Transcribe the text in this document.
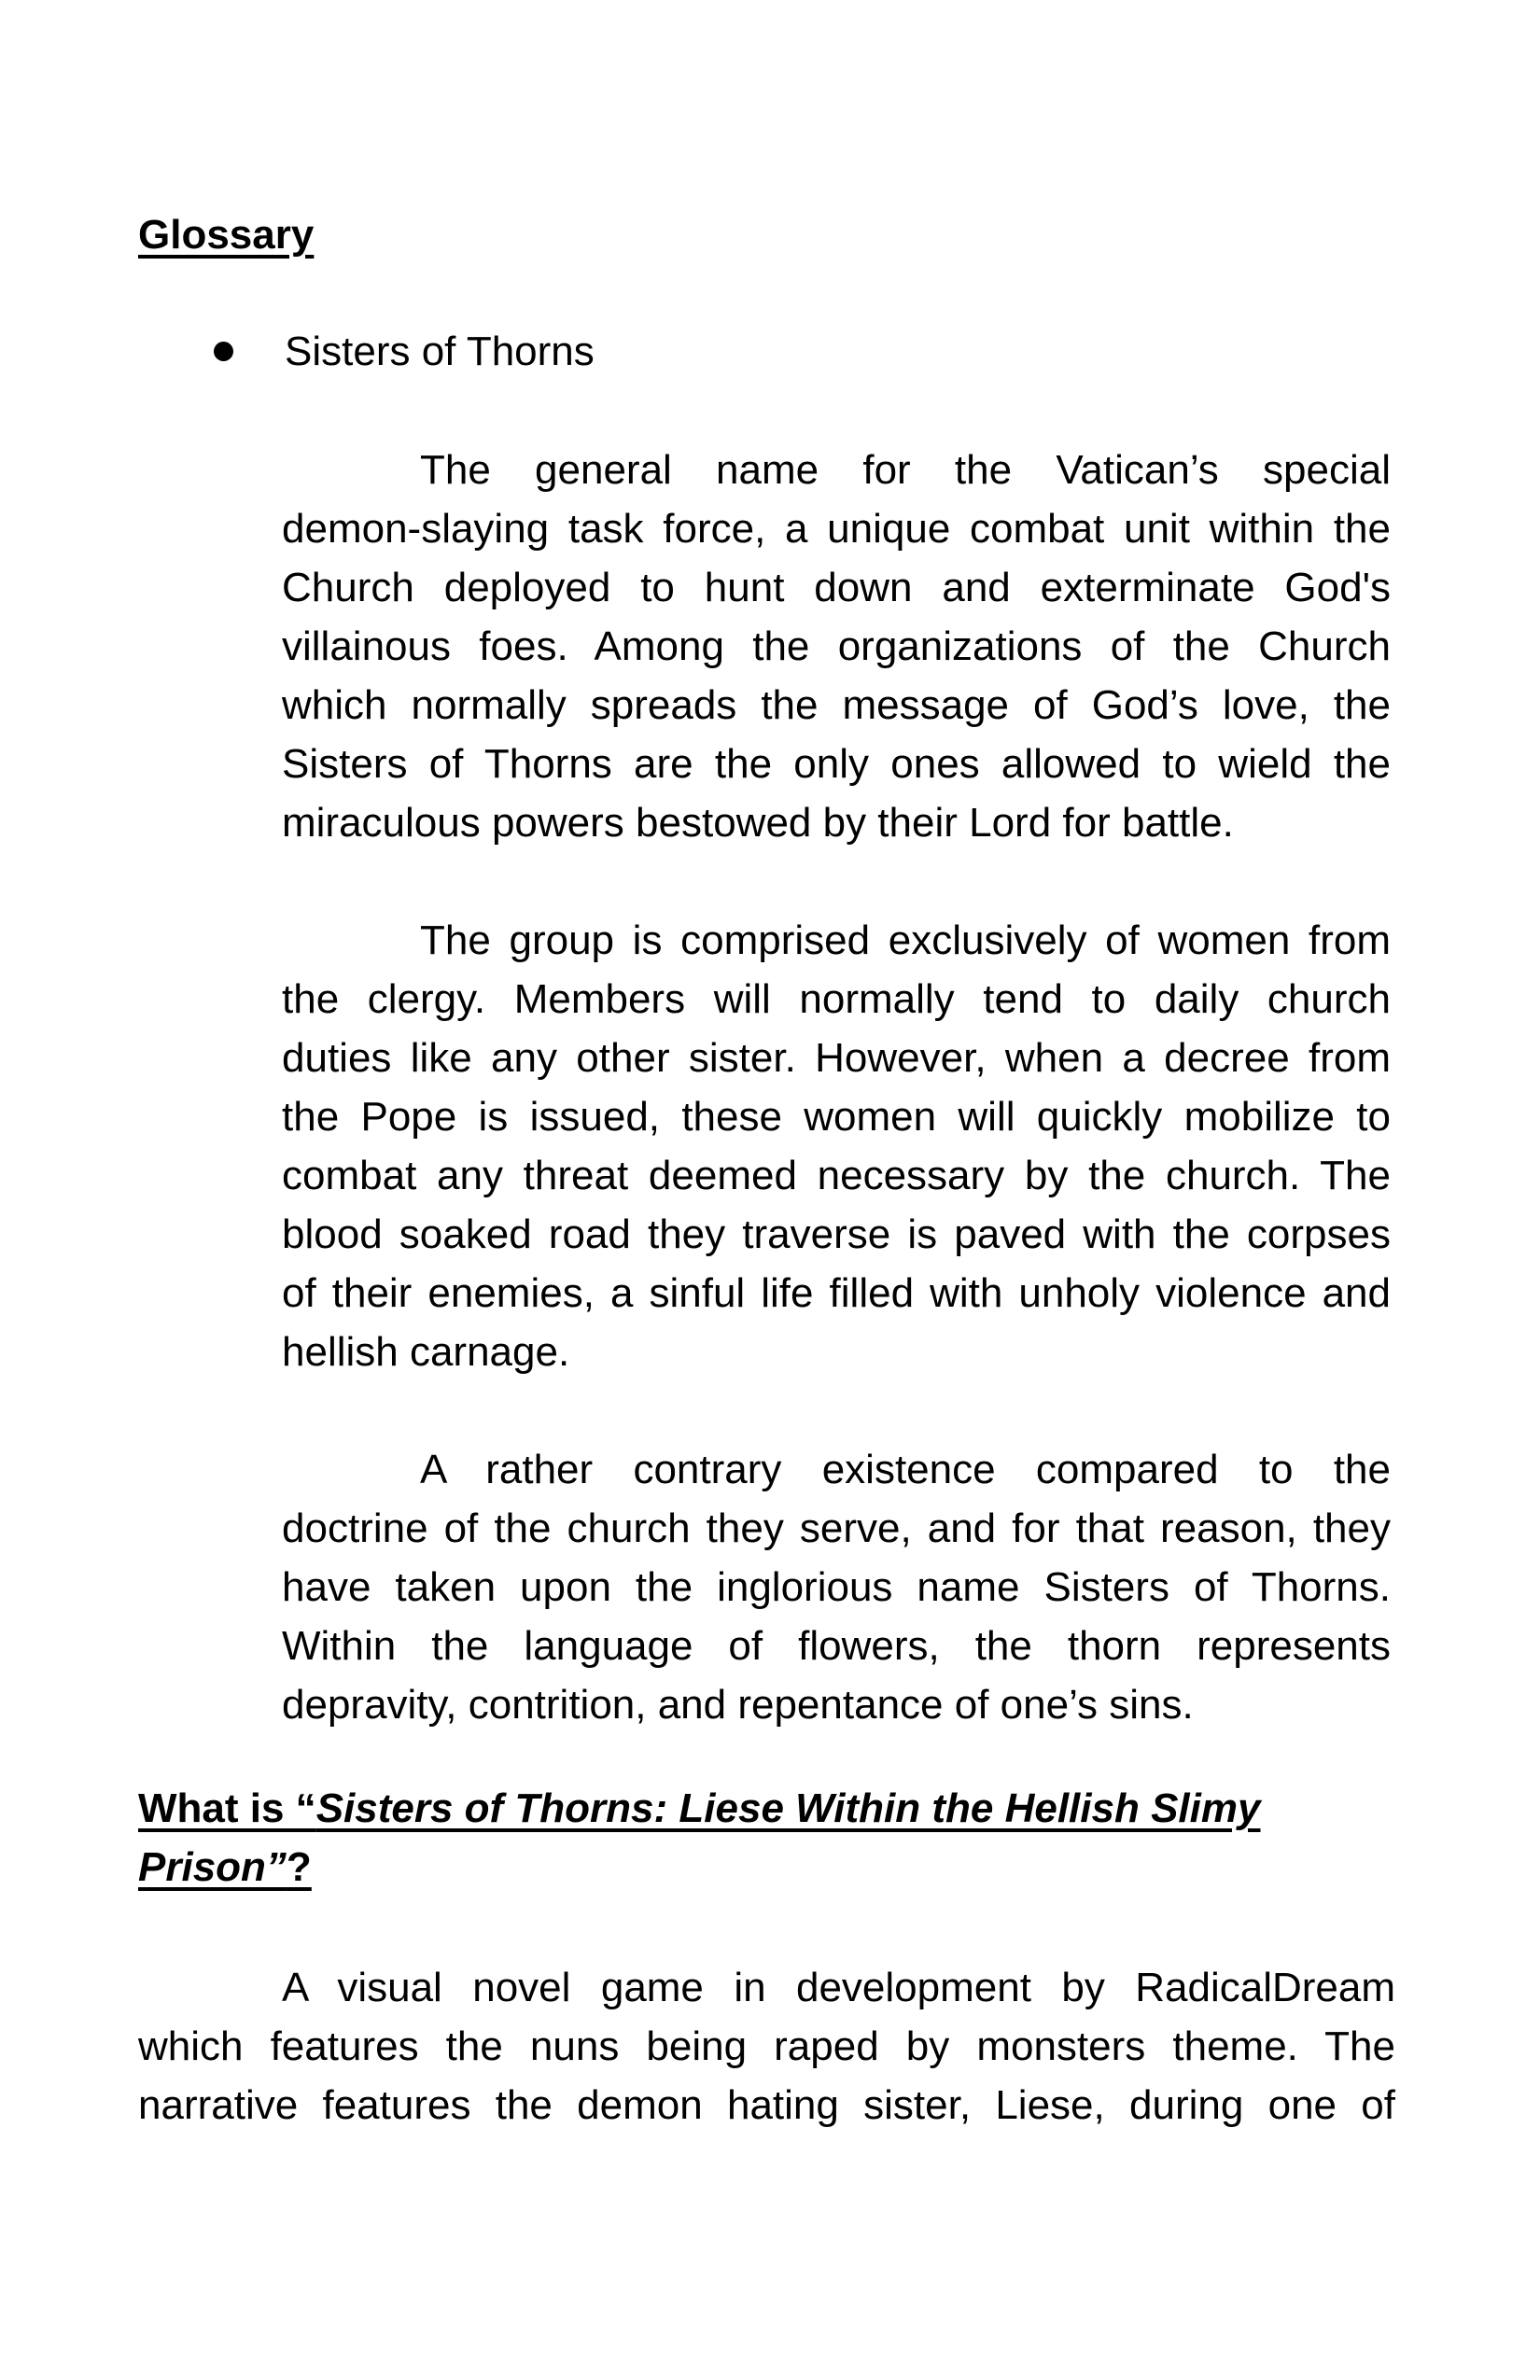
Glossary
Sisters of Thorns
The general name for the Vatican’s special
demon-slaying task force, a unique combat unit within the
Church deployed to hunt down and exterminate God's
villainous foes. Among the organizations of the Church
which normally spreads the message of God’s love, the
Sisters of Thorns are the only ones allowed to wield the
miraculous powers bestowed by their Lord for battle.
The group is comprised exclusively of women from
the clergy. Members will normally tend to daily church
duties like any other sister. However, when a decree from
the Pope is issued, these women will quickly mobilize to
combat any threat deemed necessary by the church. The
blood soaked road they traverse is paved with the corpses
of their enemies, a sinful life filled with unholy violence and
hellish carnage.
A rather contrary existence compared to the
doctrine of the church they serve, and for that reason, they
have taken upon the inglorious name Sisters of Thorns.
Within the language of flowers, the thorn represents
depravity, contrition, and repentance of one’s sins.
What is “Sisters of Thorns: Liese Within the Hellish Slimy Prison”?
A visual novel game in development by RadicalDream
which features the nuns being raped by monsters theme. The
narrative features the demon hating sister, Liese, during one of
